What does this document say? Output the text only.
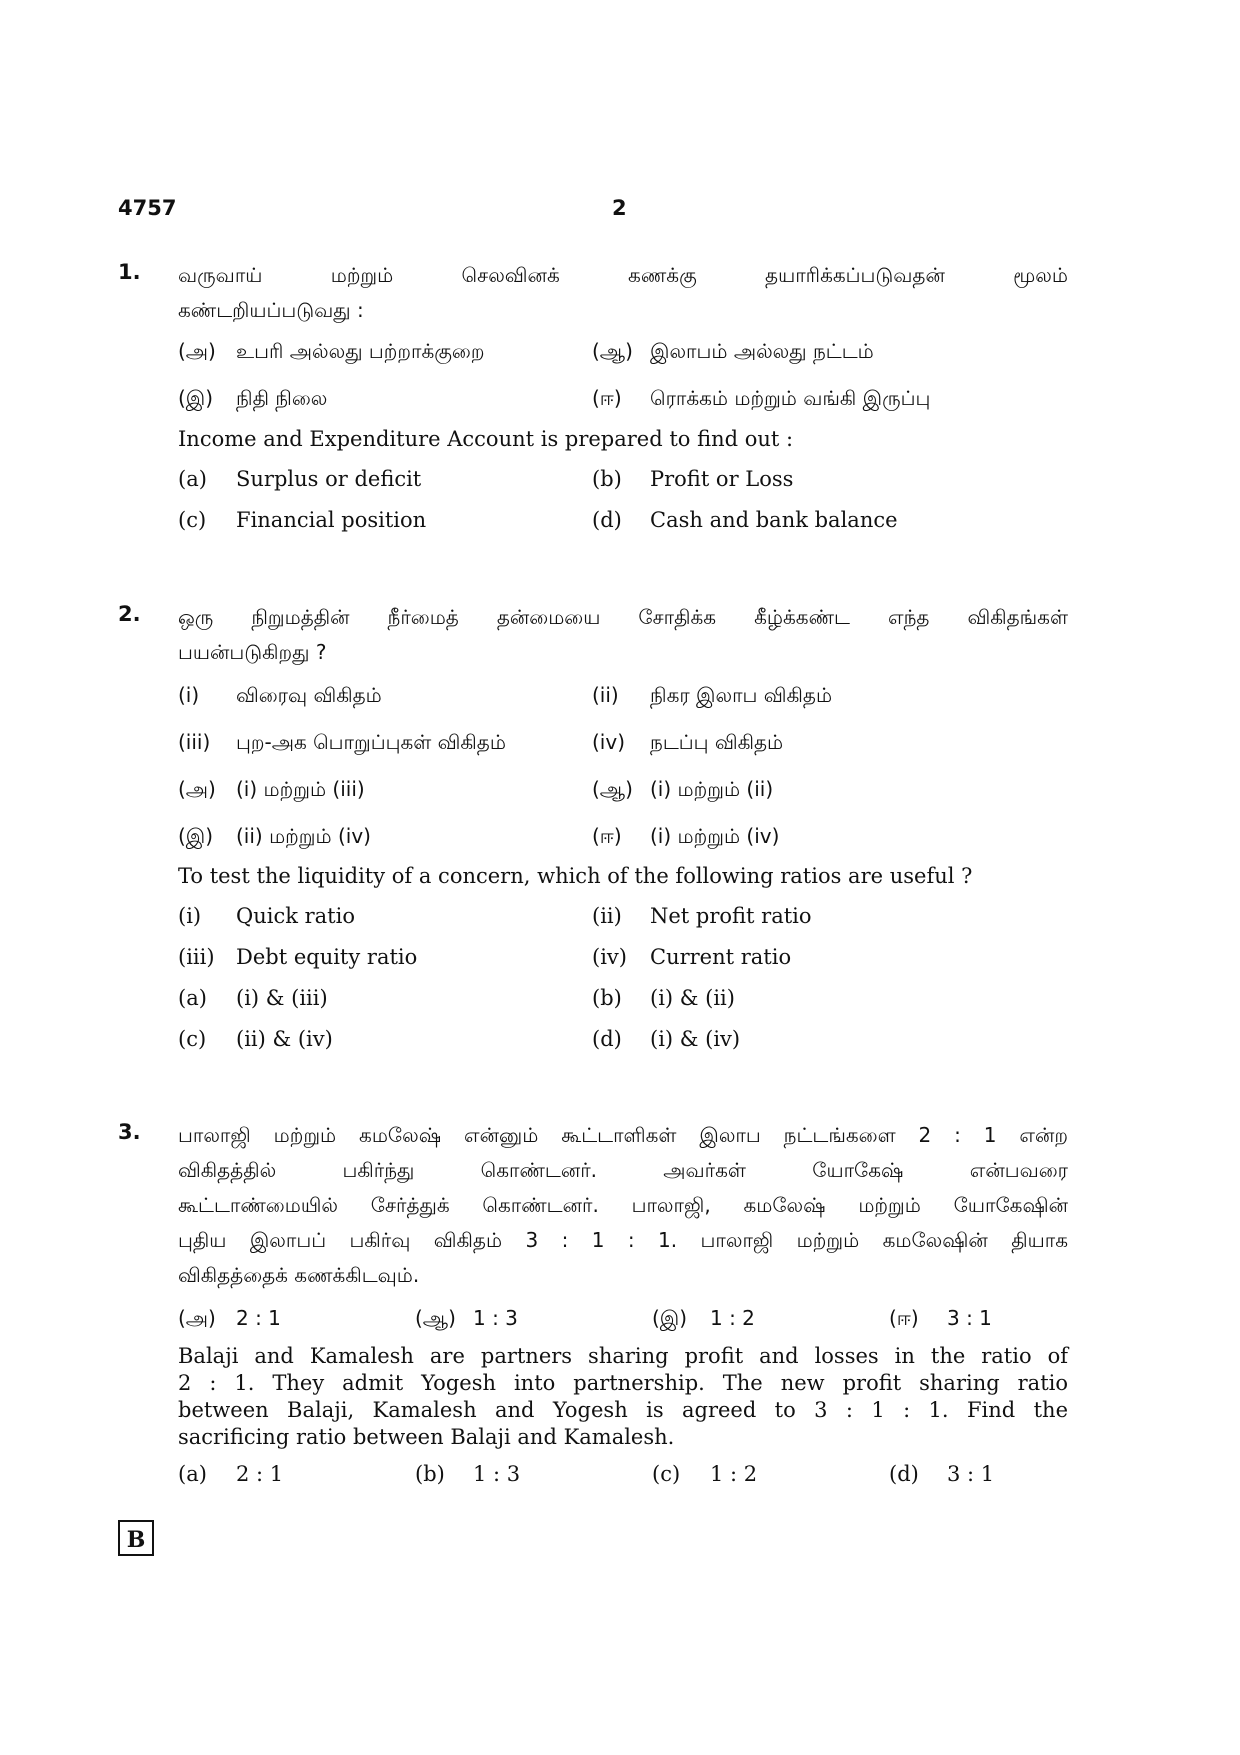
4757	2
1. வருவாய் மற்றும் செலவினக் கணக்கு தயாரிக்கப்படுவதன் மூலம்
கண்டறியப்படுவது :
(அ) உபரி அல்லது பற்றாக்குறை	(ஆ) இலாபம் அல்லது நட்டம்
(இ) நிதி நிலை	(ஈ) ரொக்கம் மற்றும் வங்கி இருப்பு
Income and Expenditure Account is prepared to find out :
(a) Surplus or deficit	(b) Profit or Loss
(c) Financial position	(d) Cash and bank balance
2. ஒரு நிறுமத்தின் நீர்மைத் தன்மையை சோதிக்க கீழ்க்கண்ட எந்த விகிதங்கள்
பயன்படுகிறது ?
(i) விரைவு விகிதம்	(ii) நிகர இலாப விகிதம்
(iii) புற-அக பொறுப்புகள் விகிதம்	(iv) நடப்பு விகிதம்
(அ) (i) மற்றும் (iii)	(ஆ) (i) மற்றும் (ii)
(இ) (ii) மற்றும் (iv)	(ஈ) (i) மற்றும் (iv)
To test the liquidity of a concern, which of the following ratios are useful ?
(i) Quick ratio	(ii) Net profit ratio
(iii) Debt equity ratio	(iv) Current ratio
(a) (i) & (iii)	(b) (i) & (ii)
(c) (ii) & (iv)	(d) (i) & (iv)
3. பாலாஜி மற்றும் கமலேஷ் என்னும் கூட்டாளிகள் இலாப நட்டங்களை 2 : 1 என்ற
விகிதத்தில் பகிர்ந்து கொண்டனர். அவர்கள் யோகேஷ் என்பவரை
கூட்டாண்மையில் சேர்த்துக் கொண்டனர். பாலாஜி, கமலேஷ் மற்றும் யோகேஷின்
புதிய இலாபப் பகிர்வு விகிதம் 3 : 1 : 1. பாலாஜி மற்றும் கமலேஷின் தியாக
விகிதத்தைக் கணக்கிடவும்.
(அ) 2 : 1	(ஆ) 1 : 3	(இ) 1 : 2	(ஈ) 3 : 1
Balaji and Kamalesh are partners sharing profit and losses in the ratio of
2 : 1. They admit Yogesh into partnership. The new profit sharing ratio
between Balaji, Kamalesh and Yogesh is agreed to 3 : 1 : 1. Find the
sacrificing ratio between Balaji and Kamalesh.
(a) 2 : 1	(b) 1 : 3	(c) 1 : 2	(d) 3 : 1
B
